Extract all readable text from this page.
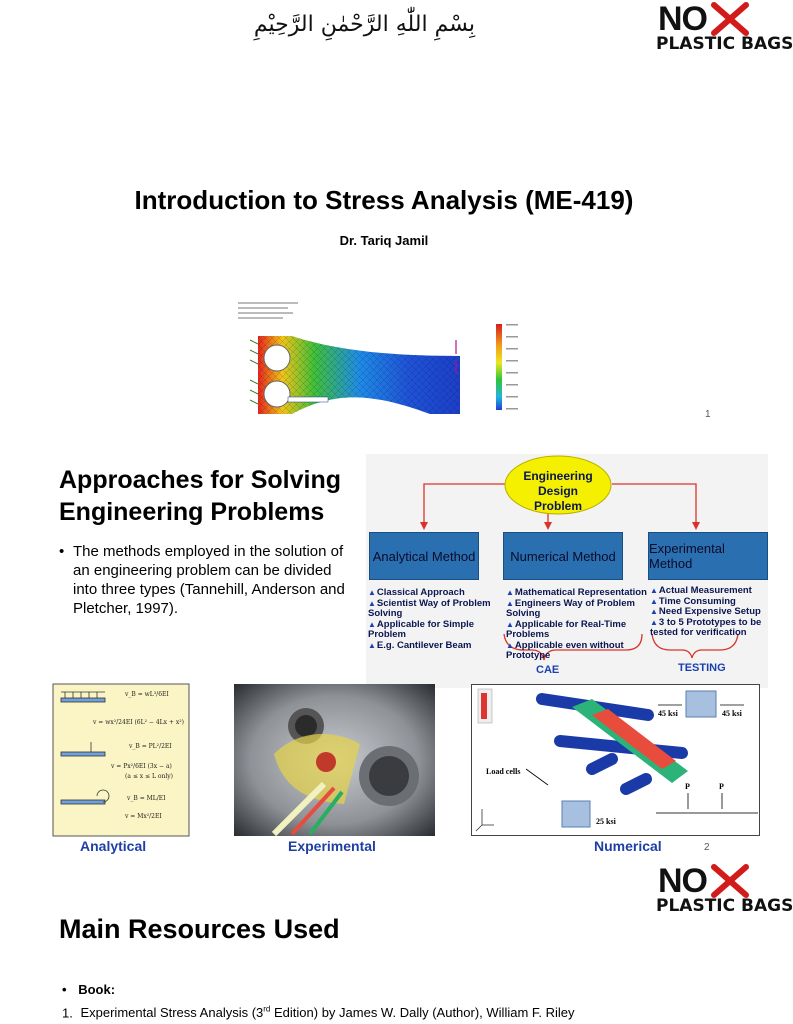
بِسْمِ اللّٰهِ الرَّحْمٰنِ الرَّحِيْمِ	NO
PLASTIC BAGS
Introduction to Stress Analysis (ME-419)
Dr. Tariq Jamil
1
Approaches for Solving
Engineering Problems
• The methods employed in the solution of an engineering problem can be divided into three types (Tannehill, Anderson and Pletcher, 1997).
Engineering Design Problem
Analytical Method	Numerical Method	Experimental Method
▲ Classical Approach
▲ Scientist Way of Problem Solving
▲ Applicable for Simple Problem
▲ E.g. Cantilever Beam
▲ Mathematical Representation
▲ Engineers Way of Problem Solving
▲ Applicable for Real-Time Problems
▲ Applicable even without Prototype
▲ Actual Measurement
▲ Time Consuming
▲ Need Expensive Setup
▲ 3 to 5 Prototypes to be tested for verification
CAE	TESTING
v_B = wL³/6EI
v = wx²/24EI (6L² − 4Lx + x²)
v_B = PL²/2EI
v = Px²/6EI (3x − a)
(a ≤ x ≤ L only)
v_B = ML/EI
v = Mx²/2EI
45 ksi	45 ksi
25 ksi
Load cells
P	P
Analytical	Experimental	Numerical	2
NO
PLASTIC BAGS
Main Resources Used
• Book:
1. Experimental Stress Analysis (3rd Edition) by James W. Dally (Author), William F. Riley
